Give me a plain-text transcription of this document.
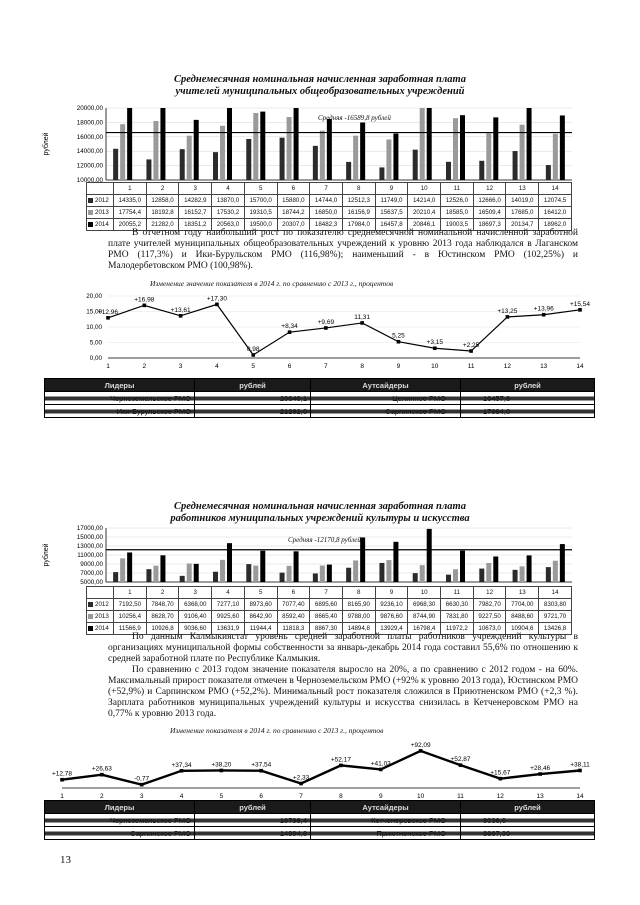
Среднемесячная номинальная начисленная заработная плата
учителей муниципальных общеобразовательных учреждений
рублей
20000,00
18000,00
16000,00
14000,00
12000,00
10000,00
Средняя -16589,8 рублей
	1	2	3	4	5	6	7	8	9	10	11	12	13	14
2012	14335,0	12858,0	14282,9	13870,0	15700,0	15880,0	14744,0	12512,3	11749,0	14214,0	12526,0	12666,0	14019,0	12074,5
2013	17754,4	18192,8	16152,7	17530,2	19310,5	18744,2	16850,0	16156,9	15637,5	20210,4	18585,0	16509,4	17685,0	16412,0
2014	20055,2	21282,0	18351,2	20563,0	19500,0	20307,0	18482,3	17984,0	16457,8	20846,1	19003,5	18697,3	20134,7	18962,0

В отчетном году наибольший рост по показателю среднемесячной номинальной начисленной заработной плате учителей муниципальных общеобразовательных учреждений к уровню 2013 года наблюдался в Лаганском РМО (117,3%) и Ики-Бурульском РМО (116,98%); наименьший - в Юстинском РМО (102,25%) и Малодербетовском РМО (100,98%).

Изменение значение показателя в 2014 г. по сравнению с 2013 г., процентов
20,00
15,00
10,00
5,00
0,00
+12,96
1
+16,98
2
+13,61
3
+17,30
4
0,98
5
+8,34
6
+9,69
7
11,31
8
5,25
9
+3,15
10
+2,25
11
+13,25
12
+13,96
13
+15,54
14
Лидеры	рублей	Аутсайдеры	рублей
Черноземельское РМО	20846,1	Целинное РМО	16457,8
Ики-Бурульское РМО	21282,0	Сарпинское РМО	17984,0
Среднемесячная номинальная начисленная заработная плата
работников муниципальных учреждений культуры и искусства
рублей
17000,00
15000,00
13000,00
11000,00
9000,00
7000,00
5000,00
Средняя -12170,8 рублей
	1	2	3	4	5	6	7	8	9	10	11	12	13	14
2012	7192,50	7848,70	6368,00	7277,10	8973,60	7077,40	6895,60	8165,90	9236,10	6968,30	6630,30	7982,70	7704,00	8303,80
2013	10256,4	8628,70	9106,40	9925,60	8642,90	8592,40	8665,40	9788,00	9876,60	8744,90	7831,80	9227,50	8488,60	9721,70
2014	11566,9	10926,8	9036,60	13631,9	11944,4	11818,3	8867,30	14894,8	13929,4	16798,4	11972,2	10673,0	10904,6	13426,8

По данным Калмыкиястат уровень средней заработной платы работников учреждений культуры в организациях муниципальной формы собственности за январь-декабрь 2014 года составил 55,6% по отношению к средней заработной плате по Республике Калмыкия.

По сравнению с 2013 годом значение показателя выросло на 20%, а по сравнению с 2012 годом - на 60%. Максимальный прирост показателя отмечен в Черноземельском РМО (+92% к уровню 2013 года), Юстинском РМО (+52,9%) и Сарпинском РМО (+52,2%). Минимальный рост показателя сложился в Приютненском РМО (+2,3 %). Зарплата работников муниципальных учреждений культуры и искусства снизилась в Кетченеровском РМО на 0,77% к уровню 2013 года.

Изменение показателя в 2014 г. по сравнению с 2013 г., процентов
+12,78
1
+26,63
2
-0,77
3
+37,34
4
+38,20
5
+37,54
6
+2,33
7
+52,17
8
+41,03
9
+92,09
10
+52,87
11
+15,67
12
+28,46
13
+38,11
14
Лидеры	рублей	Аутсайдеры	рублей
Черноземельское РМО	16798,4	Кетченеровское РМО	9036,6
Сарпинское РМО	14894,8	Приютненское РМО	8867,30
13
